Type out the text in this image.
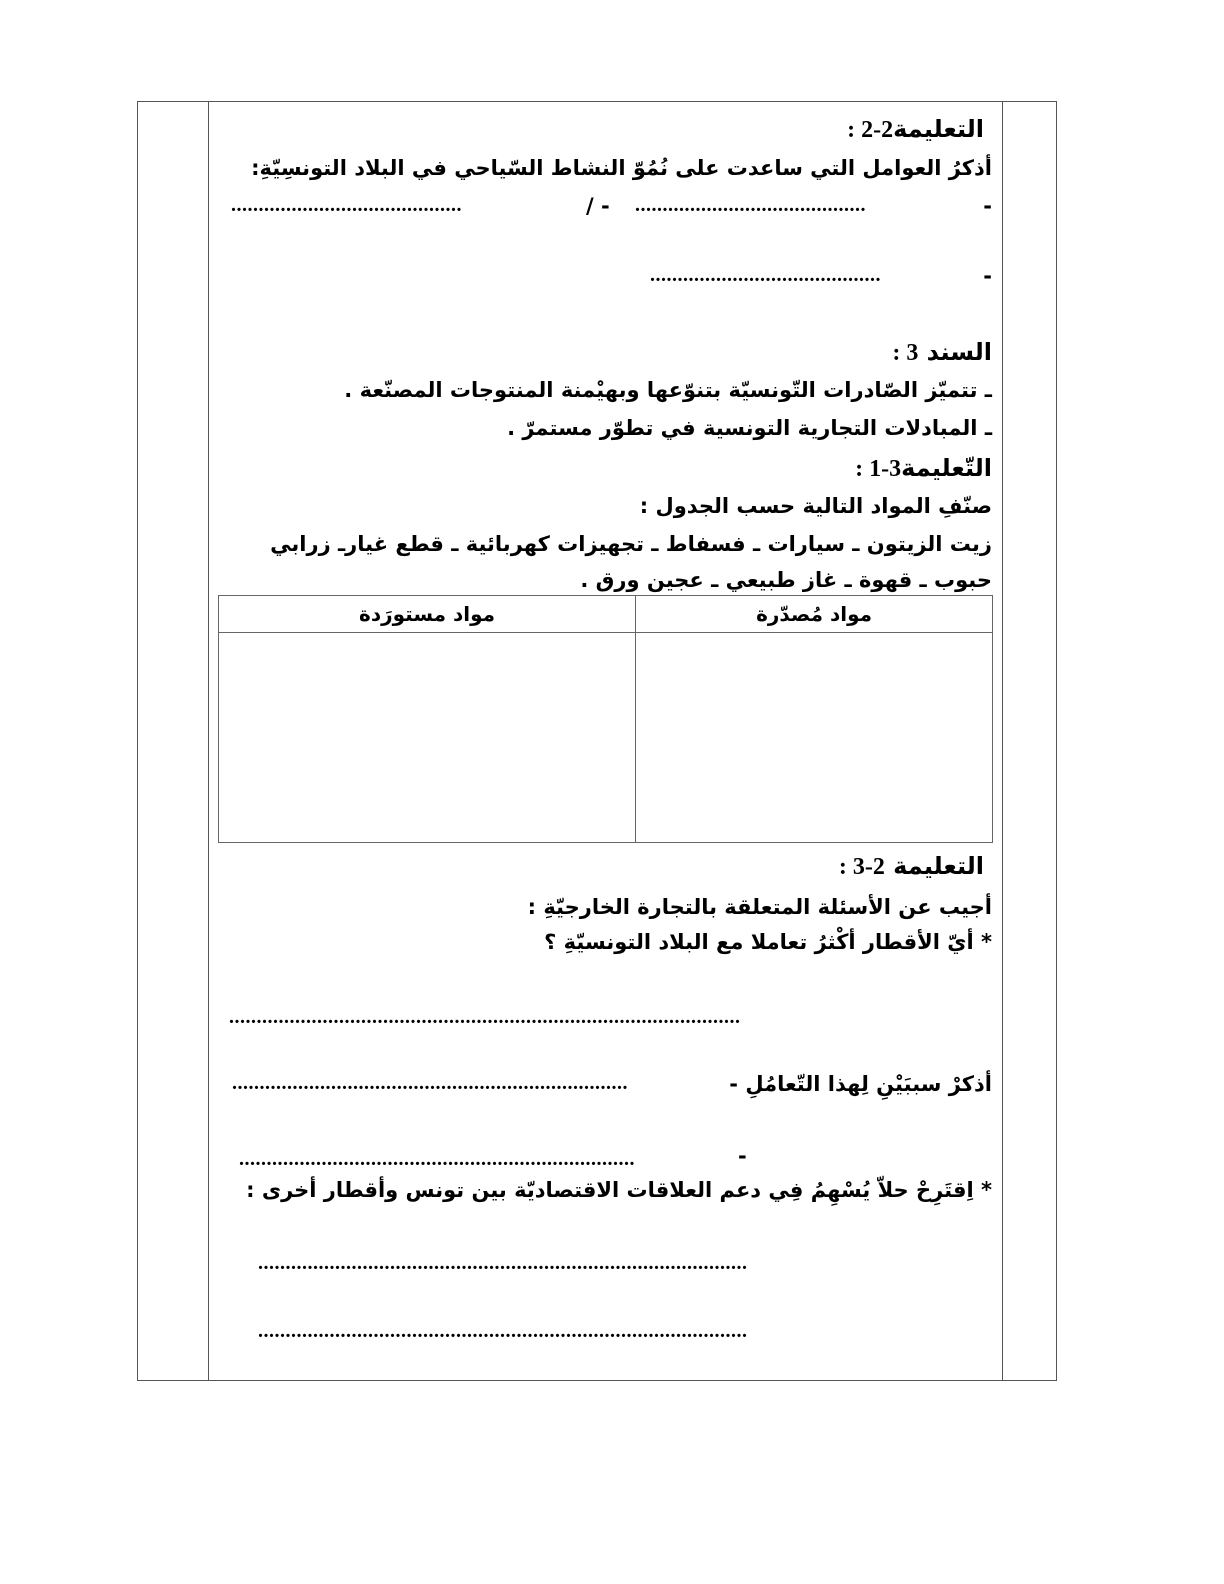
التعليمة2-2 :
أذكرُ العوامل التي ساعدت على نُمُوّ النشاط السّياحي في البلاد التونسِيّةِ:
-
..........................................
/ -
..........................................
-
..........................................
السند 3 :
ـ تتميّز الصّادرات التّونسيّة بتنوّعها وبهيْمنة المنتوجات المصنّعة .
ـ المبادلات التجارية التونسية في تطوّر مستمرّ .
التّعليمة3-1 :
صنّفِ المواد التالية حسب الجدول :
زيت الزيتون ـ سيارات ـ فسفاط ـ تجهيزات كهربائية ـ قطع غيارـ زرابي
حبوب ـ قهوة ـ غاز طبيعي ـ عجين ورق .
مواد مُصدّرة	مواد مستورَدة

التعليمة 2-3 :
أجيب عن الأسئلة المتعلقة بالتجارة الخارجيّةِ :
* أيّ الأقطار أكْثرُ تعاملا مع البلاد التونسيّةِ ؟
.............................................................................................
أذكرْ سببَيْنِ لِهذا التّعامُلِ -
........................................................................
-
........................................................................
* اِقتَرِحْ حلاّ يُسْهِمُ فِي دعم العلاقات الاقتصاديّة بين تونس وأقطار أخرى :
.........................................................................................
.........................................................................................
